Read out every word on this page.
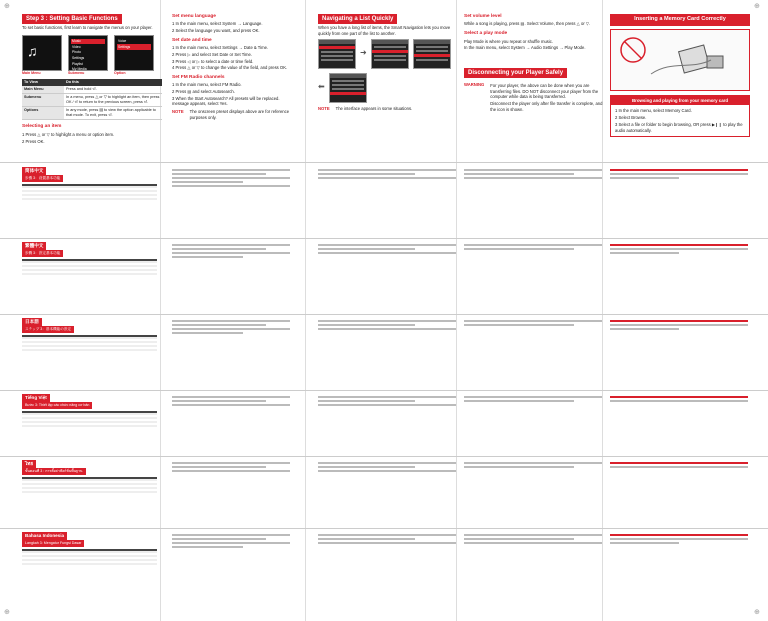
⊕	⊕
⊕	⊕
Step 3 : Setting Basic Functions

To set basic functions, first learn to navigate the menus on your player.

♫
Music
Video
Photo
Settings
Playlist
My Media
Voice
Settings
Main Menu	Submenu	Option
To View	Do this
Main Menu	Press and hold ⏎.
Submenu	In a menu, press △ or ▽ to highlight an item, then press OK / ⏎ to return to the previous screen, press ⏎.
Options	In any mode, press ▤ to view the option applicable to that mode. To exit, press ⏎.
Selecting an item

1 Press △ or ▽ to highlight a menu or option item.

2 Press OK.

Set menu language

1 In the main menu, select System → Language.

2 Select the language you want, and press OK.

Set date and time

1 In the main menu, select Settings → Date & Time.

2 Press ▷ and select Set Date or Set Time.

3 Press ◁ or ▷ to select a date or time field.

4 Press △ or ▽ to change the value of the field, and press OK.

Set FM Radio channels

1 In the main menu, select FM Radio.

2 Press ▤ and select Autosearch.

3 When the Start Autosearch? All presets will be replaced. message appears, select Yes.

NOTE The onscreen preset displays above are for reference purposes only.
Navigating a List Quickly

When you have a long list of items, the Smart Navigation lets you move quickly from one part of the list to another.

➜
⬅
NOTE The interface appears in some situations.
Set volume level

While a song is playing, press ▤. Select Volume, then press △ or ▽.

Select a play mode

Play Mode is where you repeat or shuffle music.

In the main menu, select System → Audio Settings → Play Mode.

Disconnecting your Player Safely
WARNING For your player, the above can be done when you are transferring files. DO NOT disconnect your player from the computer while data is being transferred.

Disconnect the player only after file transfer is complete, and the icon is shown.

Inserting a Memory Card Correctly
Browsing and playing from your memory card

1 In the main menu, select Memory Card.

2 Select Browse.

3 Select a file or folder to begin browsing, OR press ▶❙❙ to play the audio automatically.

简体中文
步骤 3：设置基本功能
繁體中文
步驟 3：設定基本功能
日本語
ステップ 3：基本機能の設定
Tiếng Việt
Bước 3: Thiết lập các chức năng cơ bản
ไทย
ขั้นตอนที่ 3 : การตั้งค่าฟังก์ชั่นพื้นฐาน
Bahasa Indonesia
Langkah 3: Mengatur Fungsi Dasar
